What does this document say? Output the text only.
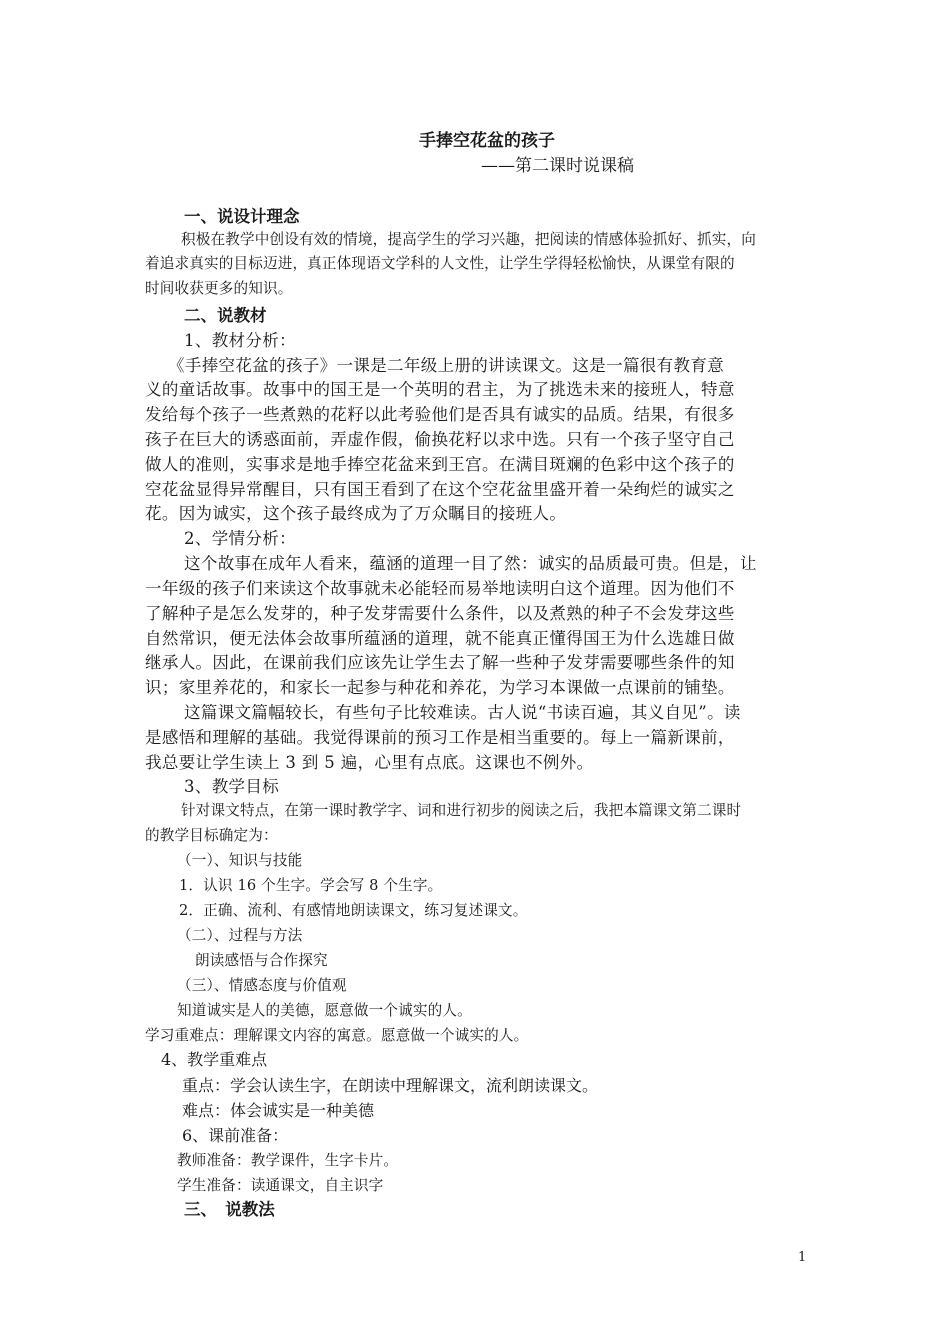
手捧空花盆的孩子
——第二课时说课稿
一、说设计理念
积极在教学中创设有效的情境，提高学生的学习兴趣，把阅读的情感体验抓好、抓实，向
着追求真实的目标迈进，真正体现语文学科的人文性，让学生学得轻松愉快，从课堂有限的
时间收获更多的知识。
二、说教材
1、教材分析：
《手捧空花盆的孩子》一课是二年级上册的讲读课文。这是一篇很有教育意
义的童话故事。故事中的国王是一个英明的君主，为了挑选未来的接班人，特意
发给每个孩子一些煮熟的花籽以此考验他们是否具有诚实的品质。结果，有很多
孩子在巨大的诱惑面前，弄虚作假，偷换花籽以求中选。只有一个孩子坚守自己
做人的准则，实事求是地手捧空花盆来到王宫。在满目斑斓的色彩中这个孩子的
空花盆显得异常醒目，只有国王看到了在这个空花盆里盛开着一朵绚烂的诚实之
花。因为诚实，这个孩子最终成为了万众瞩目的接班人。
2、学情分析：
这个故事在成年人看来，蕴涵的道理一目了然：诚实的品质最可贵。但是，让
一年级的孩子们来读这个故事就未必能轻而易举地读明白这个道理。因为他们不
了解种子是怎么发芽的，种子发芽需要什么条件，以及煮熟的种子不会发芽这些
自然常识，便无法体会故事所蕴涵的道理，就不能真正懂得国王为什么选雄日做
继承人。因此，在课前我们应该先让学生去了解一些种子发芽需要哪些条件的知
识；家里养花的，和家长一起参与种花和养花，为学习本课做一点课前的铺垫。
这篇课文篇幅较长，有些句子比较难读。古人说“书读百遍，其义自见”。读
是感悟和理解的基础。我觉得课前的预习工作是相当重要的。每上一篇新课前，
我总要让学生读上 3 到 5 遍，心里有点底。这课也不例外。
3、教学目标
针对课文特点，在第一课时教学字、词和进行初步的阅读之后，我把本篇课文第二课时
的教学目标确定为：
（一）、知识与技能
1．认识 16 个生字。学会写 8 个生字。
2．正确、流利、有感情地朗读课文，练习复述课文。
（二）、过程与方法
朗读感悟与合作探究
（三）、情感态度与价值观
知道诚实是人的美德，愿意做一个诚实的人。
学习重难点：理解课文内容的寓意。愿意做一个诚实的人。
4、教学重难点
重点：学会认读生字，在朗读中理解课文，流利朗读课文。
难点：体会诚实是一种美德
6、课前准备：
教师准备：教学课件，生字卡片。
学生准备：读通课文，自主识字
三、　说教法
1
